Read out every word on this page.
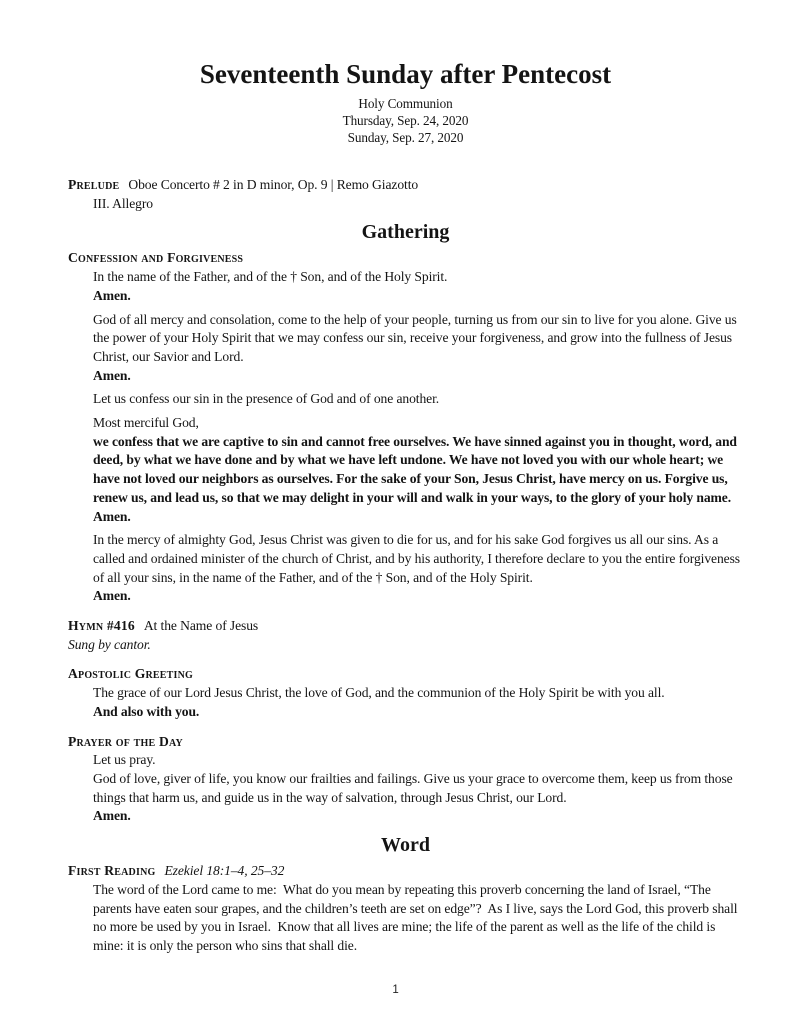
Seventeenth Sunday after Pentecost
Holy Communion
Thursday, Sep. 24, 2020
Sunday, Sep. 27, 2020
Prelude Oboe Concerto # 2 in D minor, Op. 9 | Remo Giazotto
III. Allegro
Gathering
Confession and Forgiveness
In the name of the Father, and of the † Son, and of the Holy Spirit.
Amen.
God of all mercy and consolation, come to the help of your people, turning us from our sin to live for you alone. Give us the power of your Holy Spirit that we may confess our sin, receive your forgiveness, and grow into the fullness of Jesus Christ, our Savior and Lord.
Amen.
Let us confess our sin in the presence of God and of one another.
Most merciful God,
we confess that we are captive to sin and cannot free ourselves. We have sinned against you in thought, word, and deed, by what we have done and by what we have left undone. We have not loved you with our whole heart; we have not loved our neighbors as ourselves. For the sake of your Son, Jesus Christ, have mercy on us. Forgive us, renew us, and lead us, so that we may delight in your will and walk in your ways, to the glory of your holy name.
Amen.
In the mercy of almighty God, Jesus Christ was given to die for us, and for his sake God forgives us all our sins. As a called and ordained minister of the church of Christ, and by his authority, I therefore declare to you the entire forgiveness of all your sins, in the name of the Father, and of the † Son, and of the Holy Spirit.
Amen.
Hymn #416 At the Name of Jesus
Sung by cantor.
Apostolic Greeting
The grace of our Lord Jesus Christ, the love of God, and the communion of the Holy Spirit be with you all.
And also with you.
Prayer of the Day
Let us pray.
God of love, giver of life, you know our frailties and failings. Give us your grace to overcome them, keep us from those things that harm us, and guide us in the way of salvation, through Jesus Christ, our Lord.
Amen.
Word
First Reading Ezekiel 18:1–4, 25–32
The word of the Lord came to me:  What do you mean by repeating this proverb concerning the land of Israel, “The parents have eaten sour grapes, and the children’s teeth are set on edge”?  As I live, says the Lord God, this proverb shall no more be used by you in Israel.  Know that all lives are mine; the life of the parent as well as the life of the child is mine: it is only the person who sins that shall die.
1
